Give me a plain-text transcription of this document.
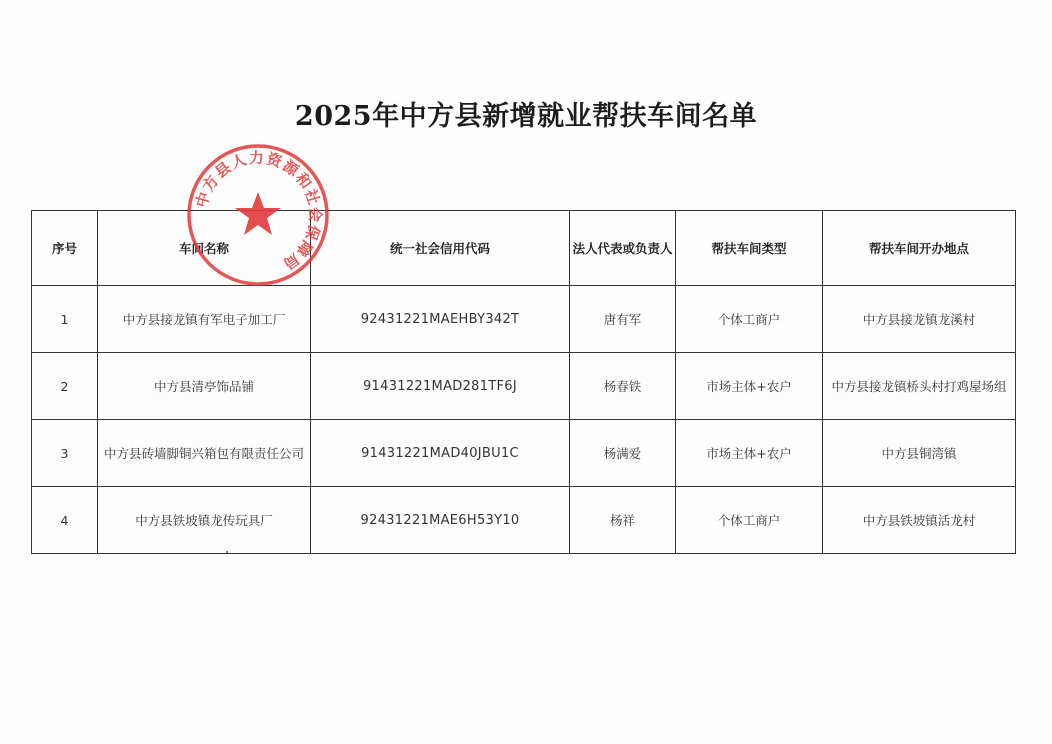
2025年中方县新增就业帮扶车间名单
序号	车间名称	统一社会信用代码	法人代表或负责人	帮扶车间类型	帮扶车间开办地点
1	中方县接龙镇有军电子加工厂	92431221MAEHBY342T	唐有军	个体工商户	中方县接龙镇龙溪村
2	中方县清亭饰品铺	91431221MAD281TF6J	杨春铁	市场主体+农户	中方县接龙镇桥头村打鸡屋场组
3	中方县砖墙脚铜兴箱包有限责任公司	91431221MAD40JBU1C	杨满爱	市场主体+农户	中方县铜湾镇
4	中方县铁坡镇龙传玩具厂	92431221MAE6H53Y10	杨祥	个体工商户	中方县铁坡镇活龙村
中方县人力资源和社会保障局
